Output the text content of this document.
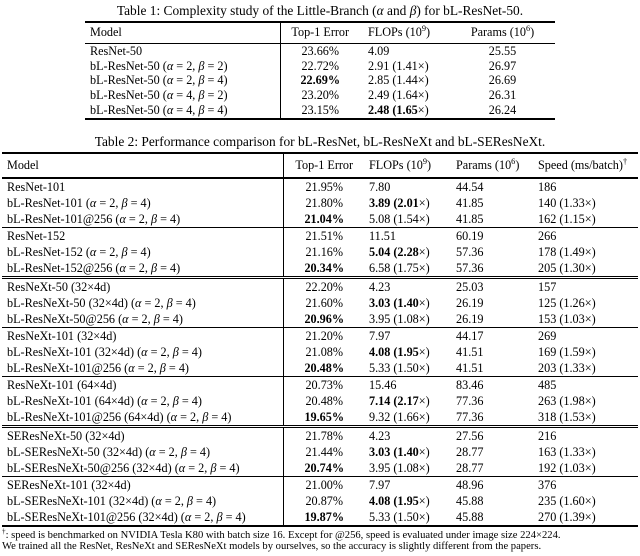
Table 1: Complexity study of the Little-Branch (α and β) for bL-ResNet-50.
Model	Top-1 Error	FLOPs $(10^9)$	Params $(10^6)$
ResNet-50	23.66%	4.09	25.55
bL-ResNet-50 (α = 2, β = 2)	22.72%	2.91 (1.41×)	26.97
bL-ResNet-50 (α = 2, β = 4)	22.69%	2.85 (1.44×)	26.69
bL-ResNet-50 (α = 4, β = 2)	23.20%	2.49 (1.64×)	26.31
bL-ResNet-50 (α = 4, β = 4)	23.15%	2.48 (1.65×)	26.24
Table 2: Performance comparison for bL-ResNet, bL-ResNeXt and bL-SEResNeXt.
Model	Top-1 Error	FLOPs $(10^9)$	Params $(10^6)$	Speed (ms/batch)†
ResNet-101	21.95%	7.80	44.54	186
bL-ResNet-101 (α = 2, β = 4)	21.80%	3.89 (2.01×)	41.85	140 (1.33×)
bL-ResNet-101@256 (α = 2, β = 4)	21.04%	5.08 (1.54×)	41.85	162 (1.15×)
ResNet-152	21.51%	11.51	60.19	266
bL-ResNet-152 (α = 2, β = 4)	21.16%	5.04 (2.28×)	57.36	178 (1.49×)
bL-ResNet-152@256 (α = 2, β = 4)	20.34%	6.58 (1.75×)	57.36	205 (1.30×)
ResNeXt-50 (32×4d)	22.20%	4.23	25.03	157
bL-ResNeXt-50 (32×4d) (α = 2, β = 4)	21.60%	3.03 (1.40×)	26.19	125 (1.26×)
bL-ResNeXt-50@256 (α = 2, β = 4)	20.96%	3.95 (1.08×)	26.19	153 (1.03×)
ResNeXt-101 (32×4d)	21.20%	7.97	44.17	269
bL-ResNeXt-101 (32×4d) (α = 2, β = 4)	21.08%	4.08 (1.95×)	41.51	169 (1.59×)
bL-ResNeXt-101@256 (α = 2, β = 4)	20.48%	5.33 (1.50×)	41.51	203 (1.33×)
ResNeXt-101 (64×4d)	20.73%	15.46	83.46	485
bL-ResNeXt-101 (64×4d) (α = 2, β = 4)	20.48%	7.14 (2.17×)	77.36	263 (1.98×)
bL-ResNeXt-101@256 (64×4d) (α = 2, β = 4)	19.65%	9.32 (1.66×)	77.36	318 (1.53×)
SEResNeXt-50 (32×4d)	21.78%	4.23	27.56	216
bL-SEResNeXt-50 (32×4d) (α = 2, β = 4)	21.44%	3.03 (1.40×)	28.77	163 (1.33×)
bL-SEResNeXt-50@256 (32×4d) (α = 2, β = 4)	20.74%	3.95 (1.08×)	28.77	192 (1.03×)
SEResNeXt-101 (32×4d)	21.00%	7.97	48.96	376
bL-SEResNeXt-101 (32×4d) (α = 2, β = 4)	20.87%	4.08 (1.95×)	45.88	235 (1.60×)
bL-SEResNeXt-101@256 (32×4d) (α = 2, β = 4)	19.87%	5.33 (1.50×)	45.88	270 (1.39×)
†: speed is benchmarked on NVIDIA Tesla K80 with batch size 16. Except for @256, speed is evaluated under image size 224×224.
We trained all the ResNet, ResNeXt and SEResNeXt models by ourselves, so the accuracy is slightly different from the papers.
